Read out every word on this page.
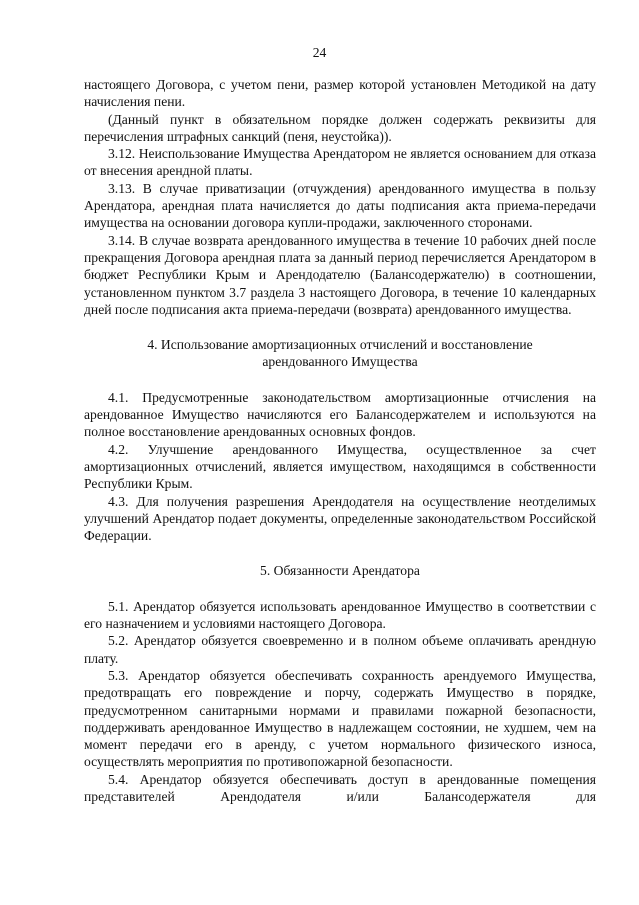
24

настоящего Договора, с учетом пени, размер которой установлен Методикой на дату начисления пени.

(Данный пункт в обязательном порядке должен содержать реквизиты для перечисления штрафных санкций (пеня, неустойка)).

3.12. Неиспользование Имущества Арендатором не является основанием для отказа от внесения арендной платы.

3.13. В случае приватизации (отчуждения) арендованного имущества в пользу Арендатора, арендная плата начисляется до даты подписания акта приема-передачи имущества на основании договора купли-продажи, заключенного сторонами.

3.14. В случае возврата арендованного имущества в течение 10 рабочих дней после прекращения Договора арендная плата за данный период перечисляется Арендатором в бюджет Республики Крым и Арендодателю (Балансодержателю) в соотношении, установленном пунктом 3.7 раздела 3 настоящего Договора, в течение 10 календарных дней после подписания акта приема-передачи (возврата) арендованного имущества.

4. Использование амортизационных отчислений и восстановление

арендованного Имущества

4.1. Предусмотренные законодательством амортизационные отчисления на арендованное Имущество начисляются его Балансодержателем и используются на полное восстановление арендованных основных фондов.

4.2. Улучшение арендованного Имущества, осуществленное за счет амортизационных отчислений, является имуществом, находящимся в собственности Республики Крым.

4.3. Для получения разрешения Арендодателя на осуществление неотделимых улучшений Арендатор подает документы, определенные законодательством Российской Федерации.

5. Обязанности Арендатора

5.1. Арендатор обязуется использовать арендованное Имущество в соответствии с его назначением и условиями настоящего Договора.

5.2. Арендатор обязуется своевременно и в полном объеме оплачивать арендную плату.

5.3. Арендатор обязуется обеспечивать сохранность арендуемого Имущества, предотвращать его повреждение и порчу, содержать Имущество в порядке, предусмотренном санитарными нормами и правилами пожарной безопасности, поддерживать арендованное Имущество в надлежащем состоянии, не худшем, чем на момент передачи его в аренду, с учетом нормального физического износа, осуществлять мероприятия по противопожарной безопасности.

5.4. Арендатор обязуется обеспечивать доступ в арендованные помещения представителей Арендодателя и/или Балансодержателя для
